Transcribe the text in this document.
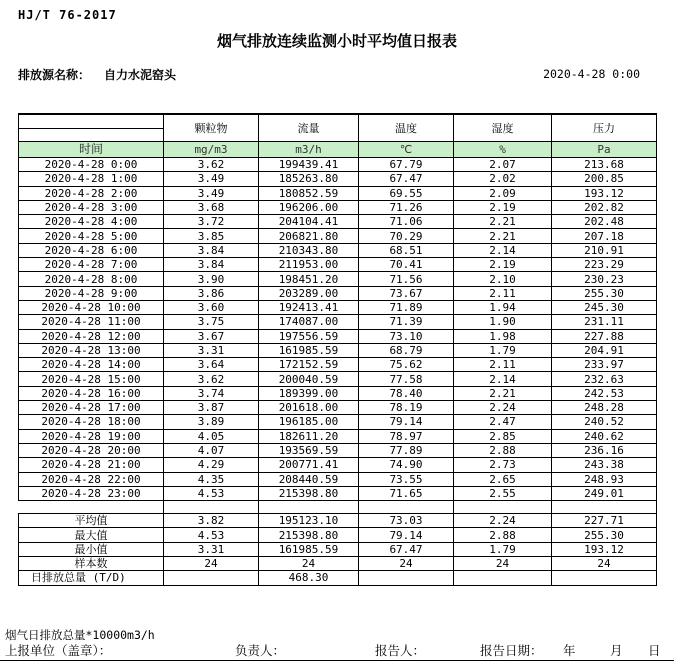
HJ/T 76-2017
烟气排放连续监测小时平均值日报表
排放源名称： 自力水泥窑头	2020-4-28 0:00
	颗粒物	流量	温度	湿度	压力

时间	mg/m3	m3/h	℃	%	Pa
2020-4-28 0:00	3.62	199439.41	67.79	2.07	213.68
2020-4-28 1:00	3.49	185263.80	67.47	2.02	200.85
2020-4-28 2:00	3.49	180852.59	69.55	2.09	193.12
2020-4-28 3:00	3.68	196206.00	71.26	2.19	202.82
2020-4-28 4:00	3.72	204104.41	71.06	2.21	202.48
2020-4-28 5:00	3.85	206821.80	70.29	2.21	207.18
2020-4-28 6:00	3.84	210343.80	68.51	2.14	210.91
2020-4-28 7:00	3.84	211953.00	70.41	2.19	223.29
2020-4-28 8:00	3.90	198451.20	71.56	2.10	230.23
2020-4-28 9:00	3.86	203289.00	73.67	2.11	255.30
2020-4-28 10:00	3.60	192413.41	71.89	1.94	245.30
2020-4-28 11:00	3.75	174087.00	71.39	1.90	231.11
2020-4-28 12:00	3.67	197556.59	73.10	1.98	227.88
2020-4-28 13:00	3.31	161985.59	68.79	1.79	204.91
2020-4-28 14:00	3.64	172152.59	75.62	2.11	233.97
2020-4-28 15:00	3.62	200040.59	77.58	2.14	232.63
2020-4-28 16:00	3.74	189399.00	78.40	2.21	242.53
2020-4-28 17:00	3.87	201618.00	78.19	2.24	248.28
2020-4-28 18:00	3.89	196185.00	79.14	2.47	240.52
2020-4-28 19:00	4.05	182611.20	78.97	2.85	240.62
2020-4-28 20:00	4.07	193569.59	77.89	2.88	236.16
2020-4-28 21:00	4.29	200771.41	74.90	2.73	243.38
2020-4-28 22:00	4.35	208440.59	73.55	2.65	248.93
2020-4-28 23:00	4.53	215398.80	71.65	2.55	249.01

平均值	3.82	195123.10	73.03	2.24	227.71
最大值	4.53	215398.80	79.14	2.88	255.30
最小值	3.31	161985.59	67.47	1.79	193.12
样本数	24	24	24	24	24
日排放总量 (T/D)		468.30			
烟气日排放总量*10000m3/h
上报单位（盖章）：	负责人：	报告人：	报告日期： 年	月 日
